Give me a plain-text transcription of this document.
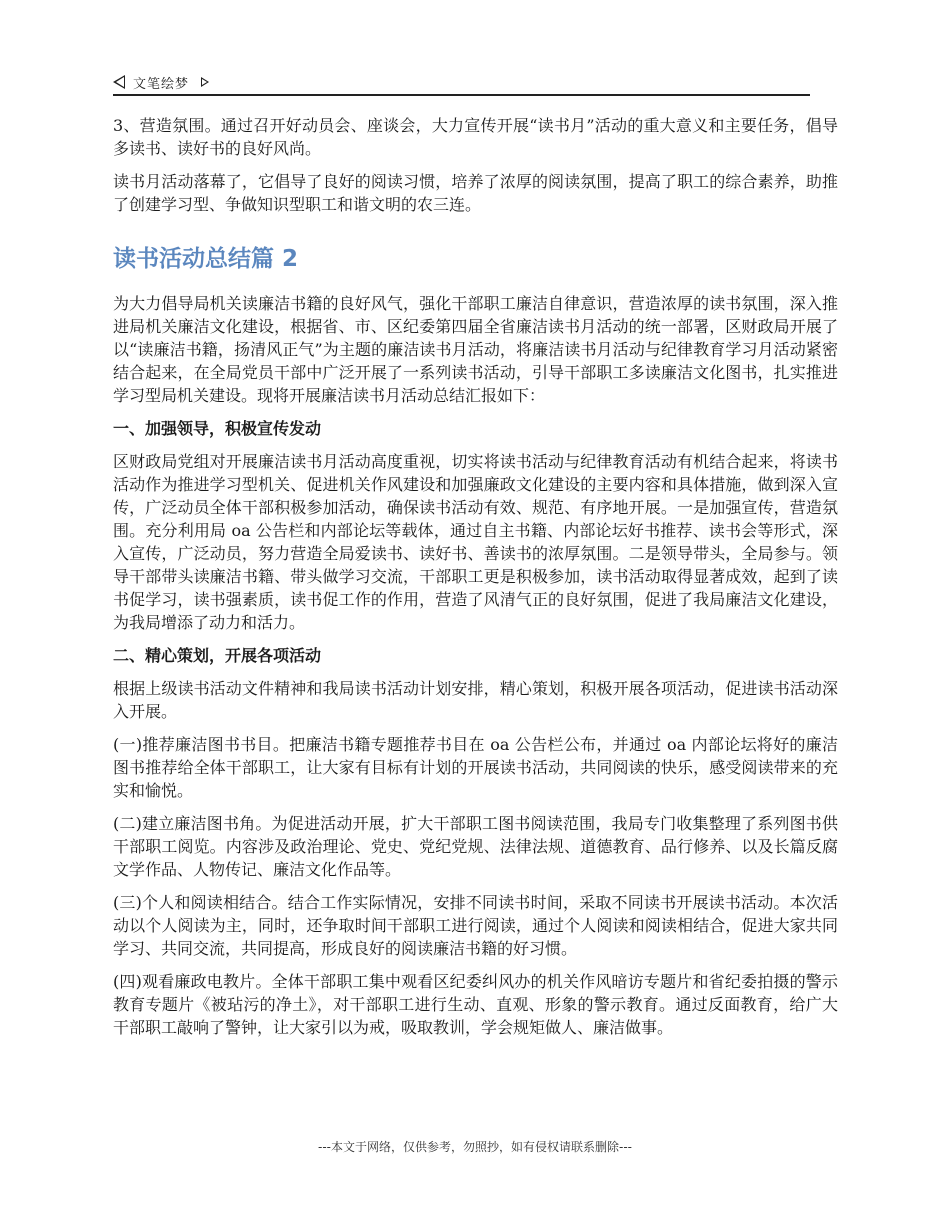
文笔绘梦

3、营造氛围。通过召开好动员会、座谈会，大力宣传开展“读书月”活动的重大意义和主要任务，倡导多读书、读好书的良好风尚。

读书月活动落幕了，它倡导了良好的阅读习惯，培养了浓厚的阅读氛围，提高了职工的综合素养，助推了创建学习型、争做知识型职工和谐文明的农三连。

读书活动总结篇 2

为大力倡导局机关读廉洁书籍的良好风气，强化干部职工廉洁自律意识，营造浓厚的读书氛围，深入推进局机关廉洁文化建设，根据省、市、区纪委第四届全省廉洁读书月活动的统一部署，区财政局开展了以“读廉洁书籍，扬清风正气”为主题的廉洁读书月活动，将廉洁读书月活动与纪律教育学习月活动紧密结合起来，在全局党员干部中广泛开展了一系列读书活动，引导干部职工多读廉洁文化图书，扎实推进学习型局机关建设。现将开展廉洁读书月活动总结汇报如下：

一、加强领导，积极宣传发动

区财政局党组对开展廉洁读书月活动高度重视，切实将读书活动与纪律教育活动有机结合起来，将读书活动作为推进学习型机关、促进机关作风建设和加强廉政文化建设的主要内容和具体措施，做到深入宣传，广泛动员全体干部积极参加活动，确保读书活动有效、规范、有序地开展。一是加强宣传，营造氛围。充分利用局 oa 公告栏和内部论坛等载体，通过自主书籍、内部论坛好书推荐、读书会等形式，深入宣传，广泛动员，努力营造全局爱读书、读好书、善读书的浓厚氛围。二是领导带头，全局参与。领导干部带头读廉洁书籍、带头做学习交流，干部职工更是积极参加，读书活动取得显著成效，起到了读书促学习，读书强素质，读书促工作的作用，营造了风清气正的良好氛围，促进了我局廉洁文化建设，为我局增添了动力和活力。

二、精心策划，开展各项活动

根据上级读书活动文件精神和我局读书活动计划安排，精心策划，积极开展各项活动，促进读书活动深入开展。

(一)推荐廉洁图书书目。把廉洁书籍专题推荐书目在 oa 公告栏公布，并通过 oa 内部论坛将好的廉洁图书推荐给全体干部职工，让大家有目标有计划的开展读书活动，共同阅读的快乐，感受阅读带来的充实和愉悦。

(二)建立廉洁图书角。为促进活动开展，扩大干部职工图书阅读范围，我局专门收集整理了系列图书供干部职工阅览。内容涉及政治理论、党史、党纪党规、法律法规、道德教育、品行修养、以及长篇反腐文学作品、人物传记、廉洁文化作品等。

(三)个人和阅读相结合。结合工作实际情况，安排不同读书时间，采取不同读书开展读书活动。本次活动以个人阅读为主，同时，还争取时间干部职工进行阅读，通过个人阅读和阅读相结合，促进大家共同学习、共同交流，共同提高，形成良好的阅读廉洁书籍的好习惯。

(四)观看廉政电教片。全体干部职工集中观看区纪委纠风办的机关作风暗访专题片和省纪委拍摄的警示教育专题片《被玷污的净土》，对干部职工进行生动、直观、形象的警示教育。通过反面教育，给广大干部职工敲响了警钟，让大家引以为戒，吸取教训，学会规矩做人、廉洁做事。

---本文于网络，仅供参考，勿照抄，如有侵权请联系删除---
